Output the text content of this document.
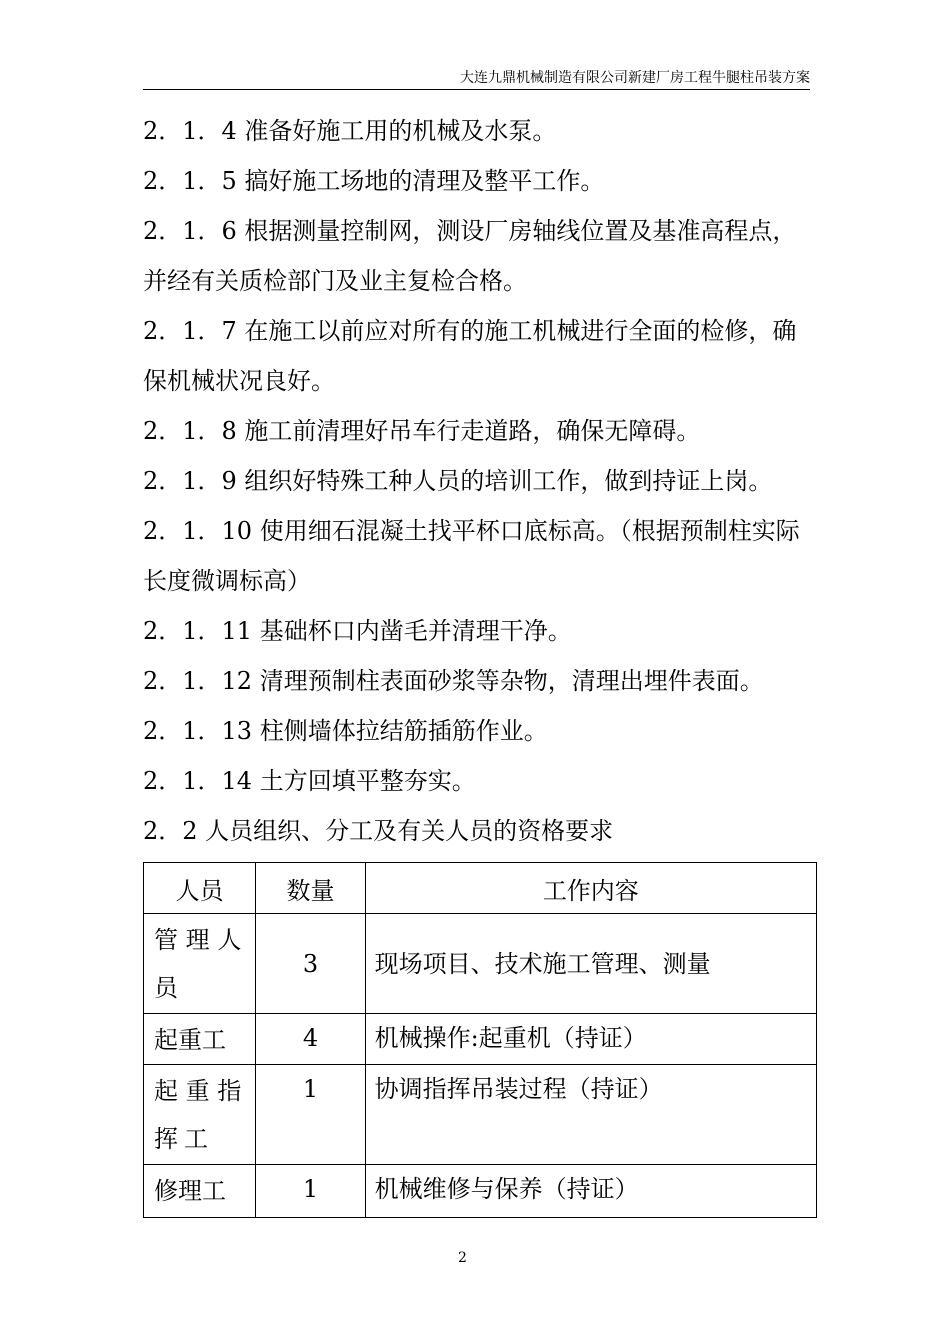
大连九鼎机械制造有限公司新建厂房工程牛腿柱吊装方案

2．1．4 准备好施工用的机械及水泵。

2．1．5 搞好施工场地的清理及整平工作。

2．1．6 根据测量控制网，测设厂房轴线位置及基准高程点，并经有关质检部门及业主复检合格。

2．1．7 在施工以前应对所有的施工机械进行全面的检修，确保机械状况良好。

2．1．8 施工前清理好吊车行走道路，确保无障碍。

2．1．9 组织好特殊工种人员的培训工作，做到持证上岗。

2．1．10 使用细石混凝土找平杯口底标高。（根据预制柱实际长度微调标高）

2．1．11 基础杯口内凿毛并清理干净。

2．1．12 清理预制柱表面砂浆等杂物，清理出埋件表面。

2．1．13 柱侧墙体拉结筋插筋作业。

2．1．14 土方回填平整夯实。

2．2 人员组织、分工及有关人员的资格要求

人员	数量	工作内容
管理人员	3	现场项目、技术施工管理、测量
起重工	4	机械操作:起重机（持证）
起重指挥工	1	协调指挥吊装过程（持证）
修理工	1	机械维修与保养（持证）
2
